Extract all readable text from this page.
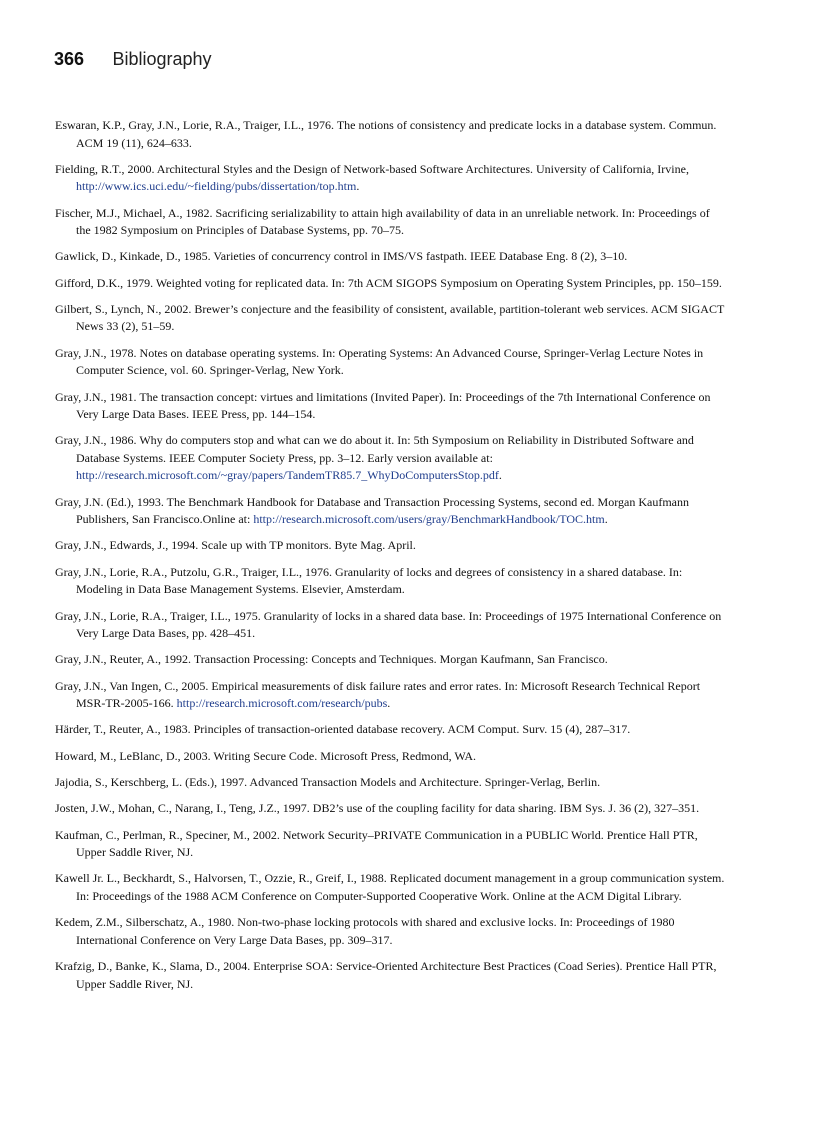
366 Bibliography

Eswaran, K.P., Gray, J.N., Lorie, R.A., Traiger, I.L., 1976. The notions of consistency and predicate locks in a database system. Commun. ACM 19 (11), 624–633.

Fielding, R.T., 2000. Architectural Styles and the Design of Network-based Software Architectures. University of California, Irvine, http://www.ics.uci.edu/~fielding/pubs/dissertation/top.htm.

Fischer, M.J., Michael, A., 1982. Sacrificing serializability to attain high availability of data in an unreliable network. In: Proceedings of the 1982 Symposium on Principles of Database Systems, pp. 70–75.

Gawlick, D., Kinkade, D., 1985. Varieties of concurrency control in IMS/VS fastpath. IEEE Database Eng. 8 (2), 3–10.

Gifford, D.K., 1979. Weighted voting for replicated data. In: 7th ACM SIGOPS Symposium on Operating System Principles, pp. 150–159.

Gilbert, S., Lynch, N., 2002. Brewer’s conjecture and the feasibility of consistent, available, partition-tolerant web services. ACM SIGACT News 33 (2), 51–59.

Gray, J.N., 1978. Notes on database operating systems. In: Operating Systems: An Advanced Course, Springer-Verlag Lecture Notes in Computer Science, vol. 60. Springer-Verlag, New York.

Gray, J.N., 1981. The transaction concept: virtues and limitations (Invited Paper). In: Proceedings of the 7th International Conference on Very Large Data Bases. IEEE Press, pp. 144–154.

Gray, J.N., 1986. Why do computers stop and what can we do about it. In: 5th Symposium on Reliability in Distributed Software and Database Systems. IEEE Computer Society Press, pp. 3–12. Early version available at: http://research.microsoft.com/~gray/papers/TandemTR85.7_WhyDoComputersStop.pdf.

Gray, J.N. (Ed.), 1993. The Benchmark Handbook for Database and Transaction Processing Systems, second ed. Morgan Kaufmann Publishers, San Francisco.Online at: http://research.microsoft.com/users/gray/BenchmarkHandbook/TOC.htm.

Gray, J.N., Edwards, J., 1994. Scale up with TP monitors. Byte Mag. April.

Gray, J.N., Lorie, R.A., Putzolu, G.R., Traiger, I.L., 1976. Granularity of locks and degrees of consistency in a shared database. In: Modeling in Data Base Management Systems. Elsevier, Amsterdam.

Gray, J.N., Lorie, R.A., Traiger, I.L., 1975. Granularity of locks in a shared data base. In: Proceedings of 1975 International Conference on Very Large Data Bases, pp. 428–451.

Gray, J.N., Reuter, A., 1992. Transaction Processing: Concepts and Techniques. Morgan Kaufmann, San Francisco.

Gray, J.N., Van Ingen, C., 2005. Empirical measurements of disk failure rates and error rates. In: Microsoft Research Technical Report MSR-TR-2005-166. http://research.microsoft.com/research/pubs.

Härder, T., Reuter, A., 1983. Principles of transaction-oriented database recovery. ACM Comput. Surv. 15 (4), 287–317.

Howard, M., LeBlanc, D., 2003. Writing Secure Code. Microsoft Press, Redmond, WA.

Jajodia, S., Kerschberg, L. (Eds.), 1997. Advanced Transaction Models and Architecture. Springer-Verlag, Berlin.

Josten, J.W., Mohan, C., Narang, I., Teng, J.Z., 1997. DB2’s use of the coupling facility for data sharing. IBM Sys. J. 36 (2), 327–351.

Kaufman, C., Perlman, R., Speciner, M., 2002. Network Security–PRIVATE Communication in a PUBLIC World. Prentice Hall PTR, Upper Saddle River, NJ.

Kawell Jr. L., Beckhardt, S., Halvorsen, T., Ozzie, R., Greif, I., 1988. Replicated document management in a group communication system. In: Proceedings of the 1988 ACM Conference on Computer-Supported Cooperative Work. Online at the ACM Digital Library.

Kedem, Z.M., Silberschatz, A., 1980. Non-two-phase locking protocols with shared and exclusive locks. In: Proceedings of 1980 International Conference on Very Large Data Bases, pp. 309–317.

Krafzig, D., Banke, K., Slama, D., 2004. Enterprise SOA: Service-Oriented Architecture Best Practices (Coad Series). Prentice Hall PTR, Upper Saddle River, NJ.
